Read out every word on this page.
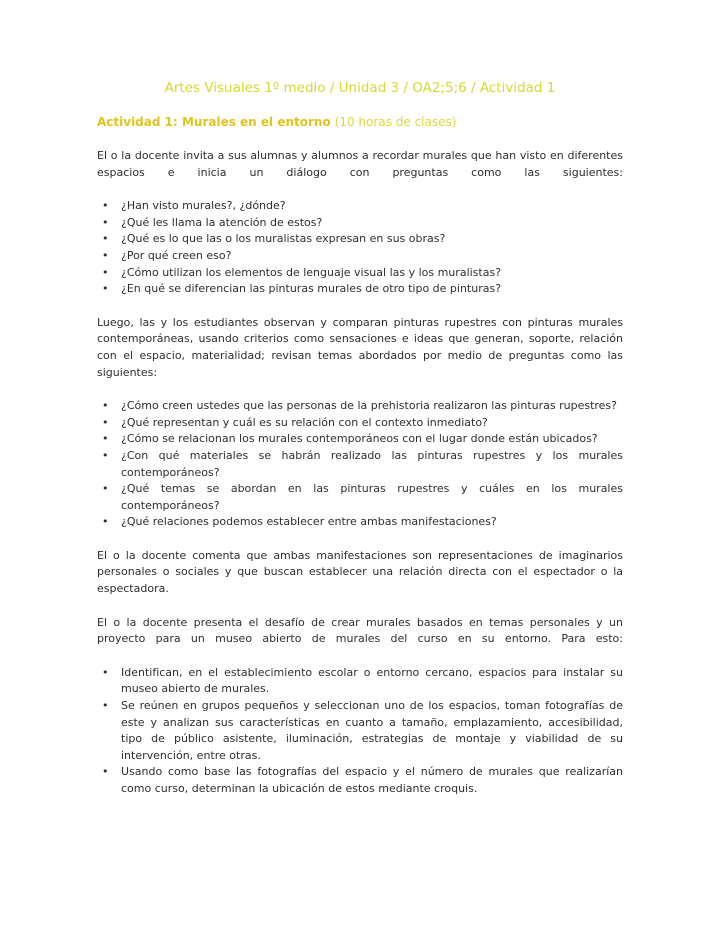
Artes Visuales 1º medio / Unidad 3 / OA2;5;6 / Actividad 1
Actividad 1: Murales en el entorno (10 horas de clases)

El o la docente invita a sus alumnas y alumnos a recordar murales que han visto en diferentes espacios e inicia un diálogo con preguntas como las siguientes:

• ¿Han visto murales?, ¿dónde?
• ¿Qué les llama la atención de estos?
• ¿Qué es lo que las o los muralistas expresan en sus obras?
• ¿Por qué creen eso?
• ¿Cómo utilizan los elementos de lenguaje visual las y los muralistas?
• ¿En qué se diferencian las pinturas murales de otro tipo de pinturas?

Luego, las y los estudiantes observan y comparan pinturas rupestres con pinturas murales contemporáneas, usando criterios como sensaciones e ideas que generan, soporte, relación con el espacio, materialidad; revisan temas abordados por medio de preguntas como las siguientes:

• ¿Cómo creen ustedes que las personas de la prehistoria realizaron las pinturas rupestres?
• ¿Qué representan y cuál es su relación con el contexto inmediato?
• ¿Cómo se relacionan los murales contemporáneos con el lugar donde están ubicados?
• ¿Con qué materiales se habrán realizado las pinturas rupestres y los murales contemporáneos?
• ¿Qué temas se abordan en las pinturas rupestres y cuáles en los murales contemporáneos?
• ¿Qué relaciones podemos establecer entre ambas manifestaciones?

El o la docente comenta que ambas manifestaciones son representaciones de imaginarios personales o sociales y que buscan establecer una relación directa con el espectador o la espectadora.

El o la docente presenta el desafío de crear murales basados en temas personales y un proyecto para un museo abierto de murales del curso en su entorno. Para esto:

• Identifican, en el establecimiento escolar o entorno cercano, espacios para instalar su museo abierto de murales.
• Se reúnen en grupos pequeños y seleccionan uno de los espacios, toman fotografías de este y analizan sus características en cuanto a tamaño, emplazamiento, accesibilidad, tipo de público asistente, iluminación, estrategias de montaje y viabilidad de su intervención, entre otras.
• Usando como base las fotografías del espacio y el número de murales que realizarían como curso, determinan la ubicación de estos mediante croquis.
